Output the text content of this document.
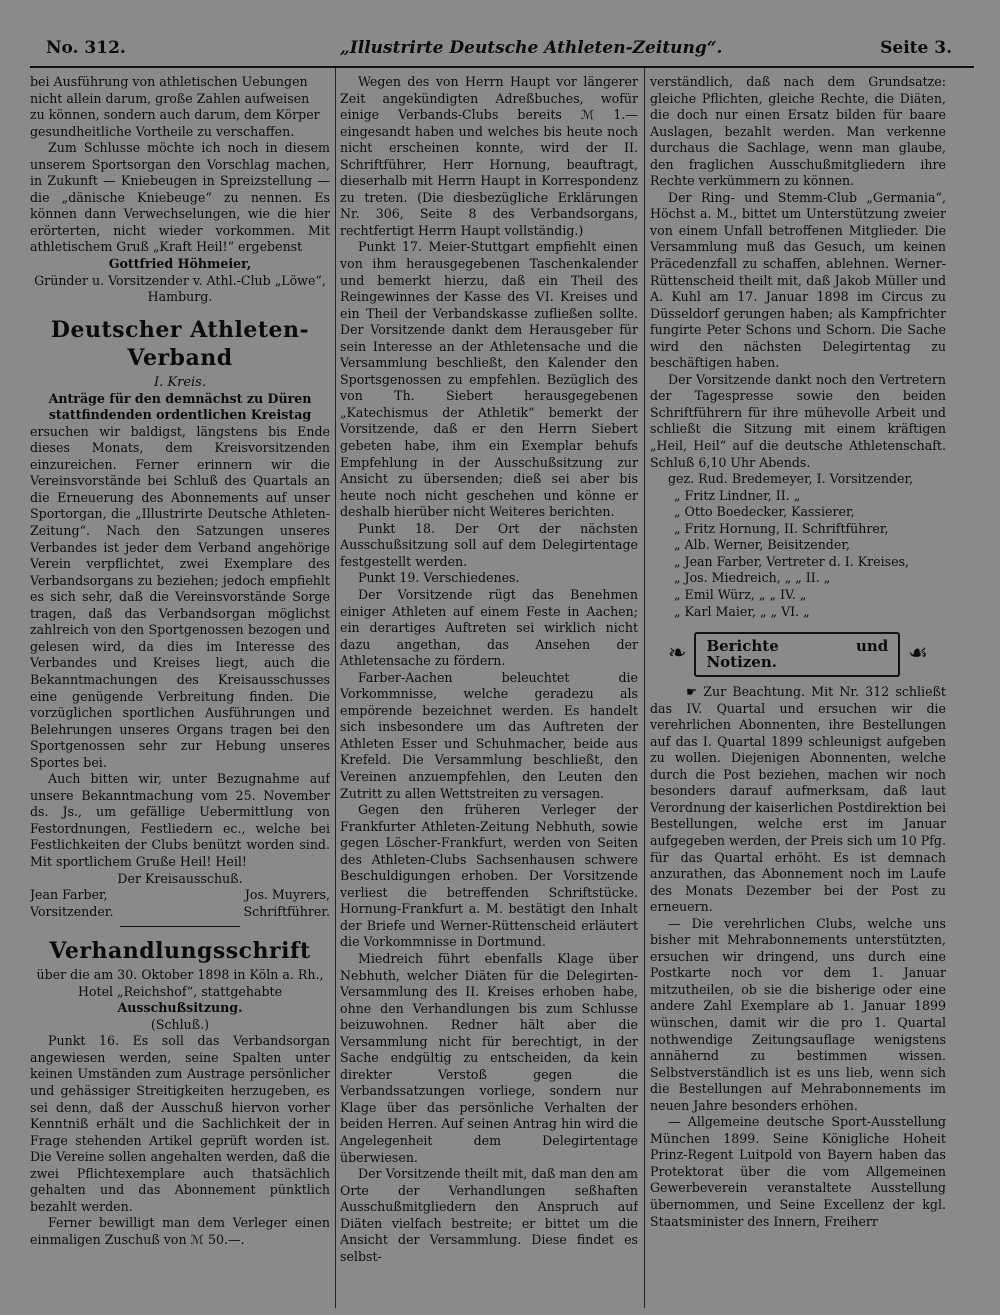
No. 312.	„Illustrirte Deutsche Athleten-Zeitung“.	Seite 3.

bei Ausführung von athletischen Uebungen

nicht allein darum, große Zahlen aufweisen

zu können, sondern auch darum, dem Körper

gesundheitliche Vortheile zu verschaffen.

Zum Schlusse möchte ich noch in diesem unserem Sportsorgan den Vorschlag machen, in Zukunft — Kniebeugen in Spreizstellung — die „dänische Kniebeuge“ zu nennen. Es können dann Verwechselungen, wie die hier erörterten, nicht wieder vorkommen. Mit athletischem Gruß „Kraft Heil!“ ergebenst

Gottfried Höhmeier,

Gründer u. Vorsitzender v. Athl.-Club „Löwe“,

Hamburg.

Deutscher Athleten-Verband
I. Kreis.

Anträge für den demnächst zu Düren stattfindenden ordentlichen Kreistag

ersuchen wir baldigst, längstens bis Ende dieses Monats, dem Kreisvorsitzenden einzureichen. Ferner erinnern wir die Vereinsvorstände bei Schluß des Quartals an die Erneuerung des Abonnements auf unser Sportorgan, die „Illustrirte Deutsche Athleten-Zeitung“. Nach den Satzungen unseres Verbandes ist jeder dem Verband angehörige Verein verpflichtet, zwei Exemplare des Verbandsorgans zu beziehen; jedoch empfiehlt es sich sehr, daß die Vereinsvorstände Sorge tragen, daß das Verbandsorgan möglichst zahlreich von den Sportgenossen bezogen und gelesen wird, da dies im Interesse des Verbandes und Kreises liegt, auch die Bekanntmachungen des Kreisausschusses eine genügende Verbreitung finden. Die vorzüglichen sportlichen Ausführungen und Belehrungen unseres Organs tragen bei den Sportgenossen sehr zur Hebung unseres Sportes bei.

Auch bitten wir, unter Bezugnahme auf unsere Bekanntmachung vom 25. November ds. Js., um gefällige Uebermittlung von Festordnungen, Festliedern ec., welche bei Festlichkeiten der Clubs benützt worden sind. Mit sportlichem Gruße Heil! Heil!

Der Kreisausschuß.

Jean Farber,	Jos. Muyrers,
Vorsitzender.	Schriftführer.
Verhandlungsschrift

über die am 30. Oktober 1898 in Köln a. Rh., Hotel „Reichshof“, stattgehabte

Ausschußsitzung.

(Schluß.)

Punkt 16. Es soll das Verbandsorgan angewiesen werden, seine Spalten unter keinen Umständen zum Austrage persönlicher und gehässiger Streitigkeiten herzugeben, es sei denn, daß der Ausschuß hiervon vorher Kenntniß erhält und die Sachlichkeit der in Frage stehenden Artikel geprüft worden ist. Die Vereine sollen angehalten werden, daß die zwei Pflichtexemplare auch thatsächlich gehalten und das Abonnement pünktlich bezahlt werden.

Ferner bewilligt man dem Verleger einen einmaligen Zuschuß von ℳ 50.—.

Wegen des von Herrn Haupt vor längerer Zeit angekündigten Adreßbuches, wofür einige Verbands-Clubs bereits ℳ 1.— eingesandt haben und welches bis heute noch nicht erscheinen konnte, wird der II. Schriftführer, Herr Hornung, beauftragt, dieserhalb mit Herrn Haupt in Korrespondenz zu treten. (Die diesbezügliche Erklärungen Nr. 306, Seite 8 des Verbandsorgans, rechtfertigt Herrn Haupt vollständig.)

Punkt 17. Meier-Stuttgart empfiehlt einen von ihm herausgegebenen Taschenkalender und bemerkt hierzu, daß ein Theil des Reingewinnes der Kasse des VI. Kreises und ein Theil der Verbandskasse zufließen sollte. Der Vorsitzende dankt dem Herausgeber für sein Interesse an der Athletensache und die Versammlung beschließt, den Kalender den Sportsgenossen zu empfehlen. Bezüglich des von Th. Siebert herausgegebenen „Katechismus der Athletik“ bemerkt der Vorsitzende, daß er den Herrn Siebert gebeten habe, ihm ein Exemplar behufs Empfehlung in der Ausschußsitzung zur Ansicht zu übersenden; dieß sei aber bis heute noch nicht geschehen und könne er deshalb hierüber nicht Weiteres berichten.

Punkt 18. Der Ort der nächsten Ausschußsitzung soll auf dem Delegirtentage festgestellt werden.

Punkt 19. Verschiedenes.

Der Vorsitzende rügt das Benehmen einiger Athleten auf einem Feste in Aachen; ein derartiges Auftreten sei wirklich nicht dazu angethan, das Ansehen der Athletensache zu fördern.

Farber-Aachen beleuchtet die Vorkommnisse, welche geradezu als empörende bezeichnet werden. Es handelt sich insbesondere um das Auftreten der Athleten Esser und Schuhmacher, beide aus Krefeld. Die Versammlung beschließt, den Vereinen anzuempfehlen, den Leuten den Zutritt zu allen Wettstreiten zu versagen.

Gegen den früheren Verleger der Frankfurter Athleten-Zeitung Nebhuth, sowie gegen Löscher-Frankfurt, werden von Seiten des Athleten-Clubs Sachsenhausen schwere Beschuldigungen erhoben. Der Vorsitzende verliest die betreffenden Schriftstücke. Hornung-Frankfurt a. M. bestätigt den Inhalt der Briefe und Werner-Rüttenscheid erläutert die Vorkommnisse in Dortmund.

Miedreich führt ebenfalls Klage über Nebhuth, welcher Diäten für die Delegirten-Versammlung des II. Kreises erhoben habe, ohne den Verhandlungen bis zum Schlusse beizuwohnen. Redner hält aber die Versammlung nicht für berechtigt, in der Sache endgültig zu entscheiden, da kein direkter Verstoß gegen die Verbandssatzungen vorliege, sondern nur Klage über das persönliche Verhalten der beiden Herren. Auf seinen Antrag hin wird die Angelegenheit dem Delegirtentage überwiesen.

Der Vorsitzende theilt mit, daß man den am Orte der Verhandlungen seßhaften Ausschußmitgliedern den Anspruch auf Diäten vielfach bestreite; er bittet um die Ansicht der Versammlung. Diese findet es selbst-

verständlich, daß nach dem Grundsatze: gleiche Pflichten, gleiche Rechte, die Diäten, die doch nur einen Ersatz bilden für baare Auslagen, bezahlt werden. Man verkenne durchaus die Sachlage, wenn man glaube, den fraglichen Ausschußmitgliedern ihre Rechte verkümmern zu können.

Der Ring- und Stemm-Club „Germania“, Höchst a. M., bittet um Unterstützung zweier von einem Unfall betroffenen Mitglieder. Die Versammlung muß das Gesuch, um keinen Präcedenzfall zu schaffen, ablehnen. Werner-Rüttenscheid theilt mit, daß Jakob Müller und A. Kuhl am 17. Januar 1898 im Circus zu Düsseldorf gerungen haben; als Kampfrichter fungirte Peter Schons und Schorn. Die Sache wird den nächsten Delegirtentag zu beschäftigen haben.

Der Vorsitzende dankt noch den Vertretern der Tagespresse sowie den beiden Schriftführern für ihre mühevolle Arbeit und schließt die Sitzung mit einem kräftigen „Heil, Heil“ auf die deutsche Athletenschaft. Schluß 6,10 Uhr Abends.

gez. Rud. Bredemeyer, I. Vorsitzender,

„ Fritz Lindner, II. „

„ Otto Boedecker, Kassierer,

„ Fritz Hornung, II. Schriftführer,

„ Alb. Werner, Beisitzender,

„ Jean Farber, Vertreter d. I. Kreises,

„ Jos. Miedreich, „ „ II. „

„ Emil Würz, „ „ IV. „

„ Karl Maier, „ „ VI. „

❧	Berichte und Notizen.	☙

☛ Zur Beachtung. Mit Nr. 312 schließt das IV. Quartal und ersuchen wir die verehrlichen Abonnenten, ihre Bestellungen auf das I. Quartal 1899 schleunigst aufgeben zu wollen. Diejenigen Abonnenten, welche durch die Post beziehen, machen wir noch besonders darauf aufmerksam, daß laut Verordnung der kaiserlichen Postdirektion bei Bestellungen, welche erst im Januar aufgegeben werden, der Preis sich um 10 Pfg. für das Quartal erhöht. Es ist demnach anzurathen, das Abonnement noch im Laufe des Monats Dezember bei der Post zu erneuern.

— Die verehrlichen Clubs, welche uns bisher mit Mehrabonnements unterstützten, ersuchen wir dringend, uns durch eine Postkarte noch vor dem 1. Januar mitzutheilen, ob sie die bisherige oder eine andere Zahl Exemplare ab 1. Januar 1899 wünschen, damit wir die pro 1. Quartal nothwendige Zeitungsauflage wenigstens annähernd zu bestimmen wissen. Selbstverständlich ist es uns lieb, wenn sich die Bestellungen auf Mehrabonnements im neuen Jahre besonders erhöhen.

— Allgemeine deutsche Sport-Ausstellung München 1899. Seine Königliche Hoheit Prinz-Regent Luitpold von Bayern haben das Protektorat über die vom Allgemeinen Gewerbeverein veranstaltete Ausstellung übernommen, und Seine Excellenz der kgl. Staatsminister des Innern, Freiherr
